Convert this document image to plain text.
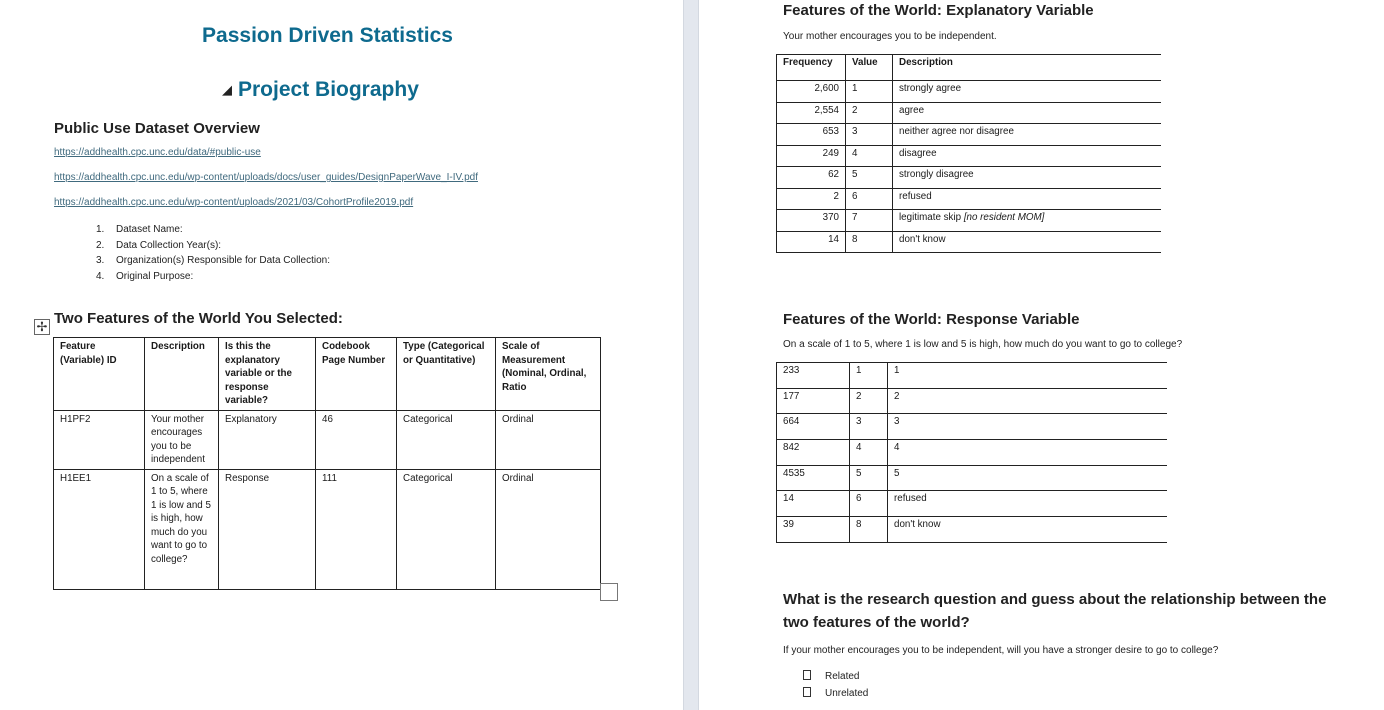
Passion Driven Statistics
◢ Project Biography
Public Use Dataset Overview
https://addhealth.cpc.unc.edu/data/#public-use
https://addhealth.cpc.unc.edu/wp-content/uploads/docs/user_guides/DesignPaperWave_I-IV.pdf
https://addhealth.cpc.unc.edu/wp-content/uploads/2021/03/CohortProfile2019.pdf
1. Dataset Name:
2. Data Collection Year(s):
3. Organization(s) Responsible for Data Collection:
4. Original Purpose:
✢ Two Features of the World You Selected:
Feature (Variable) ID	Description	Is this the explanatory variable or the response variable?	Codebook Page Number	Type (Categorical or Quantitative)	Scale of Measurement (Nominal, Ordinal, Ratio
H1PF2	Your mother encourages you to be independent	Explanatory	46	Categorical	Ordinal
H1EE1	On a scale of 1 to 5, where 1 is low and 5 is high, how much do you want to go to college?	Response	111	Categorical	Ordinal
Features of the World: Explanatory Variable
Your mother encourages you to be independent.
Frequency	Value	Description
2,600	1	strongly agree
2,554	2	agree
653	3	neither agree nor disagree
249	4	disagree
62	5	strongly disagree
2	6	refused
370	7	legitimate skip [no resident MOM]
14	8	don't know
Features of the World: Response Variable
On a scale of 1 to 5, where 1 is low and 5 is high, how much do you want to go to college?
233	1	1
177	2	2
664	3	3
842	4	4
4535	5	5
14	6	refused
39	8	don't know
What is the research question and guess about the relationship between the two features of the world?
If your mother encourages you to be independent, will you have a stronger desire to go to college?
Related
Unrelated
